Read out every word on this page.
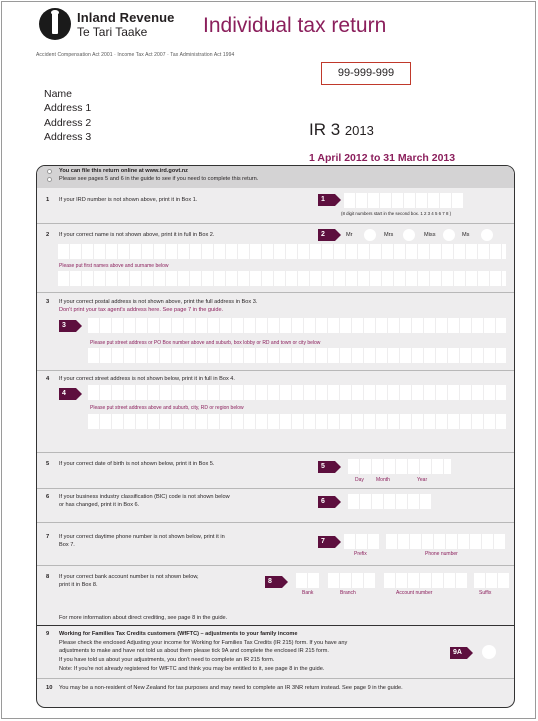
Inland Revenue
Te Tari Taake	Individual tax return
Accident Compensation Act 2001 · Income Tax Act 2007 · Tax Administration Act 1994
99-999-999
Name
Address 1
Address 2
Address 3	IR 3 2013
1 April 2012 to 31 March 2013
You can file this return online at www.ird.govt.nz
Please see pages 5 and 6 in the guide to see if you need to complete this return.
1 If your IRD number is not shown above, print it in Box 1.	1
(8 digit numbers start in the second box. 1 2 3 4 5 6 7 8 )
2 If your correct name is not shown above, print it in full in Box 2.	2	Mr	Mrs	Miss	Ms
Please put first names above and surname below
3 If your correct postal address is not shown above, print the full address in Box 3.
Don't print your tax agent's address here. See page 7 in the guide.
3
Please put street address or PO Box number above and suburb, box lobby or RD and town or city below
4 If your correct street address is not shown below, print it in full in Box 4.
4
Please put street address above and suburb, city, RD or region below
5 If your correct date of birth is not shown below, print it in Box 5.	5
Day Month	Year
6 If your business industry classification (BIC) code is not shown below
or has changed, print it in Box 6.	6
7 If your correct daytime phone number is not shown below, print it in
Box 7.	7
Prefix	Phone number
8 If your correct bank account number is not shown below,
print it in Box 8.	8
Bank	Branch	Account number	Suffix
For more information about direct crediting, see page 8 in the guide.
9 Working for Families Tax Credits customers (WfFTC) – adjustments to your family income
Please check the enclosed Adjusting your income for Working for Families Tax Credits (IR 215) form. If you have any
adjustments to make and have not told us about them please tick 9A and complete the enclosed IR 215 form.
If you have told us about your adjustments, you don't need to complete an IR 215 form.
Note: If you're not already registered for WfFTC and think you may be entitled to it, see page 8 in the guide.
9A
10 You may be a non-resident of New Zealand for tax purposes and may need to complete an IR 3NR return instead. See page 9 in the guide.
